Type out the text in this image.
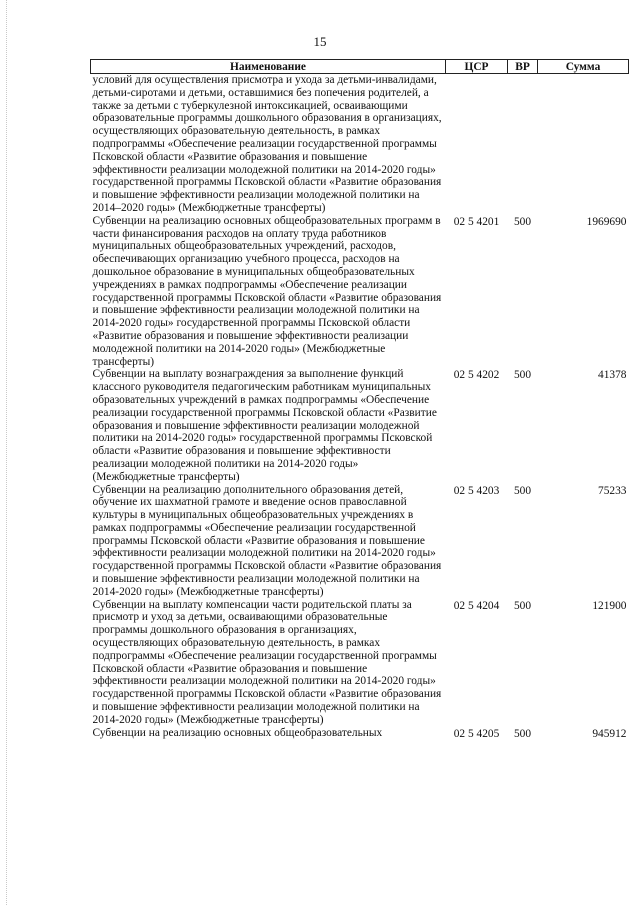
15
Наименование	ЦСР	ВР	Сумма
условий для осуществления присмотра и ухода за детьми-инвалидами, детьми-сиротами и детьми, оставшимися без попечения родителей, а также за детьми с туберкулезной интоксикацией, осваивающими образовательные программы дошкольного образования в организациях, осуществляющих образовательную деятельность, в рамках подпрограммы «Обеспечение реализации государственной программы Псковской области «Развитие образования и повышение эффективности реализации молодежной политики на 2014-2020 годы» государственной программы Псковской области «Развитие образования и повышение эффективности реализации молодежной политики на 2014–2020 годы» (Межбюджетные трансферты)			
Субвенции на реализацию основных общеобразовательных программ в части финансирования расходов на оплату труда работников муниципальных общеобразовательных учреждений, расходов, обеспечивающих организацию учебного процесса, расходов на дошкольное образование в муниципальных общеобразовательных учреждениях в рамках подпрограммы «Обеспечение реализации государственной программы Псковской области «Развитие образования и повышение эффективности реализации молодежной политики на 2014-2020 годы» государственной программы Псковской области «Развитие образования и повышение эффективности реализации молодежной политики на 2014-2020 годы» (Межбюджетные трансферты)	02 5 4201	500	1969690
Субвенции на выплату вознаграждения за выполнение функций классного руководителя педагогическим работникам муниципальных образовательных учреждений в рамках подпрограммы «Обеспечение реализации государственной программы Псковской области «Развитие образования и повышение эффективности реализации молодежной политики на 2014-2020 годы» государственной программы Псковской области «Развитие образования и повышение эффективности реализации молодежной политики на 2014-2020 годы» (Межбюджетные трансферты)	02 5 4202	500	41378
Субвенции на реализацию дополнительного образования детей, обучение их шахматной грамоте и введение основ православной культуры в муниципальных общеобразовательных учреждениях в рамках подпрограммы «Обеспечение реализации государственной программы Псковской области «Развитие образования и повышение эффективности реализации молодежной политики на 2014-2020 годы» государственной программы Псковской области «Развитие образования и повышение эффективности реализации молодежной политики на 2014-2020 годы» (Межбюджетные трансферты)	02 5 4203	500	75233
Субвенции на выплату компенсации части родительской платы за присмотр и уход за детьми, осваивающими образовательные программы дошкольного образования в организациях, осуществляющих образовательную деятельность, в рамках подпрограммы «Обеспечение реализации государственной программы Псковской области «Развитие образования и повышение эффективности реализации молодежной политики на 2014-2020 годы» государственной программы Псковской области «Развитие образования и повышение эффективности реализации молодежной политики на 2014-2020 годы» (Межбюджетные трансферты)	02 5 4204	500	121900
Субвенции на реализацию основных общеобразовательных	02 5 4205	500	945912
